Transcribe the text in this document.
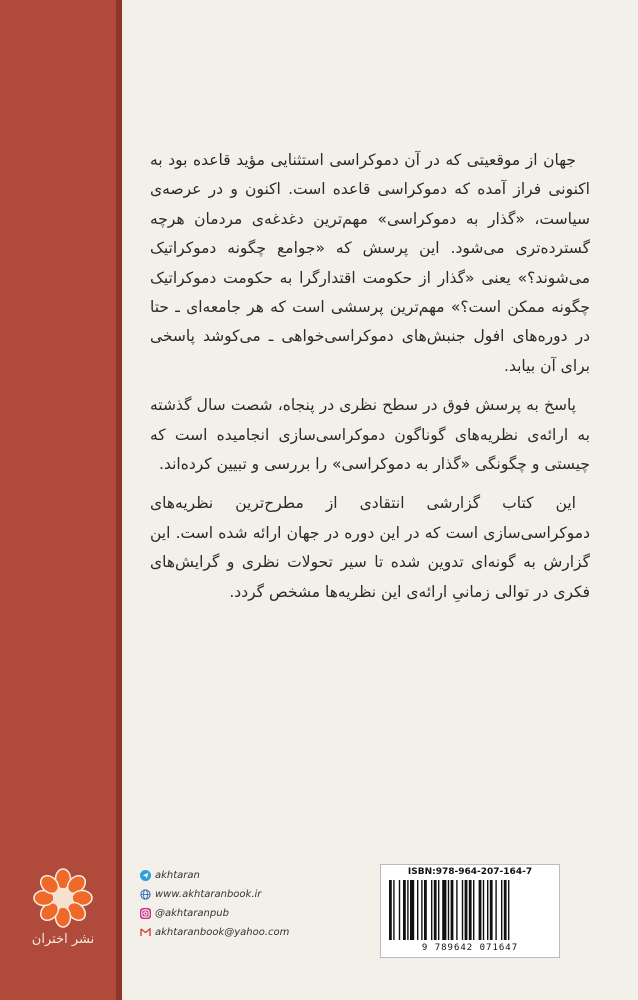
جهان از موقعیتی که در آن دموکراسی استثنایی مؤید قاعده بود به اکنونی فراز آمده که دموکراسی قاعده است. اکنون و در عرصه‌ی سیاست، «گذار به دموکراسی» مهم‌ترین دغدغه‌ی مردمان هرچه گسترده‌تری می‌شود. این پرسش که «جوامع چگونه دموکراتیک می‌شوند؟» یعنی «گذار از حکومت اقتدارگرا به حکومت دموکراتیک چگونه ممکن است؟» مهم‌ترین پرسشی است که هر جامعه‌ای ـ حتا در دوره‌های افول جنبش‌های دموکراسی‌خواهی ـ می‌کوشد پاسخی برای آن بیابد.

پاسخ به پرسش فوق در سطح نظری در پنجاه، شصت سال گذشته به ارائه‌ی نظریه‌های گوناگون دموکراسی‌سازی انجامیده است که چیستی و چگونگی «گذار به دموکراسی» را بررسی و تبیین کرده‌اند.

این کتاب گزارشی انتقادی از مطرح‌ترین نظریه‌های دموکراسی‌سازی است که در این دوره در جهان ارائه شده است. این گزارش به گونه‌ای تدوین شده تا سیر تحولات نظری و گرایش‌های فکری در توالی زمانیِ ارائه‌ی این نظریه‌ها مشخص گردد.

نشر اختران
akhtaran
www.akhtaranbook.ir
@akhtaranpub
akhtaranbook@yahoo.com
ISBN:978-964-207-164-7
9 789642 071647
